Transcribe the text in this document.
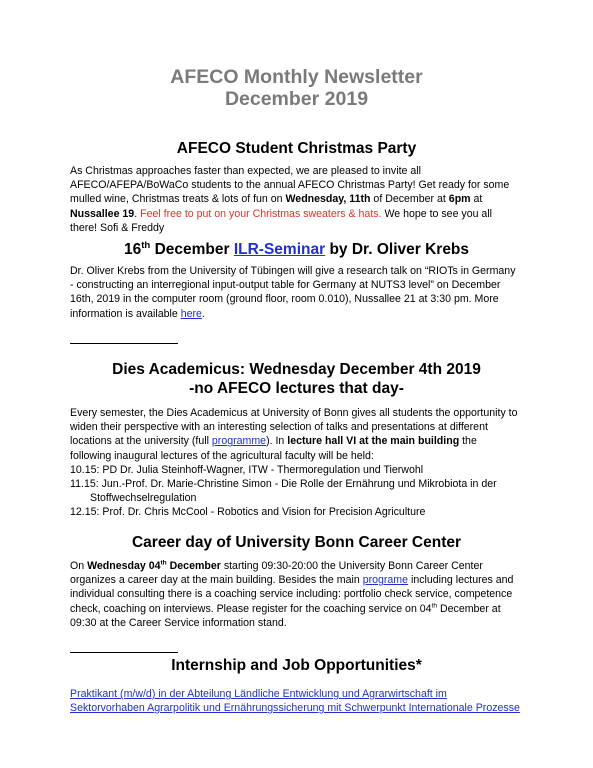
AFECO Monthly Newsletter
December 2019
AFECO Student Christmas Party
As Christmas approaches faster than expected, we are pleased to invite all
AFECO/AFEPA/BoWaCo students to the annual AFECO Christmas Party! Get ready for some
mulled wine, Christmas treats & lots of fun on Wednesday, 11th of December at 6pm at
Nussallee 19. Feel free to put on your Christmas sweaters & hats. We hope to see you all
there! Sofi & Freddy
16th December ILR-Seminar by Dr. Oliver Krebs
Dr. Oliver Krebs from the University of Tübingen will give a research talk on “RIOTs in Germany
- constructing an interregional input-output table for Germany at NUTS3 level” on December
16th, 2019 in the computer room (ground floor, room 0.010), Nussallee 21 at 3:30 pm. More
information is available here.
Dies Academicus: Wednesday December 4th 2019
-no AFECO lectures that day-
Every semester, the Dies Academicus at University of Bonn gives all students the opportunity to
widen their perspective with an interesting selection of talks and presentations at different
locations at the university (full programme). In lecture hall VI at the main building the
following inaugural lectures of the agricultural faculty will be held:
10.15: PD Dr. Julia Steinhoff-Wagner, ITW - Thermoregulation und Tierwohl
11.15: Jun.-Prof. Dr. Marie-Christine Simon - Die Rolle der Ernährung und Mikrobiota in der
Stoffwechselregulation
12.15: Prof. Dr. Chris McCool - Robotics and Vision for Precision Agriculture
Career day of University Bonn Career Center
On Wednesday 04th December starting 09:30-20:00 the University Bonn Career Center
organizes a career day at the main building. Besides the main programe including lectures and
individual consulting there is a coaching service including: portfolio check service, competence
check, coaching on interviews. Please register for the coaching service on 04th December at
09:30 at the Career Service information stand.
Internship and Job Opportunities*
Praktikant (m/w/d) in der Abteilung Ländliche Entwicklung und Agrarwirtschaft im
Sektorvorhaben Agrarpolitik und Ernährungssicherung mit Schwerpunkt Internationale Prozesse
